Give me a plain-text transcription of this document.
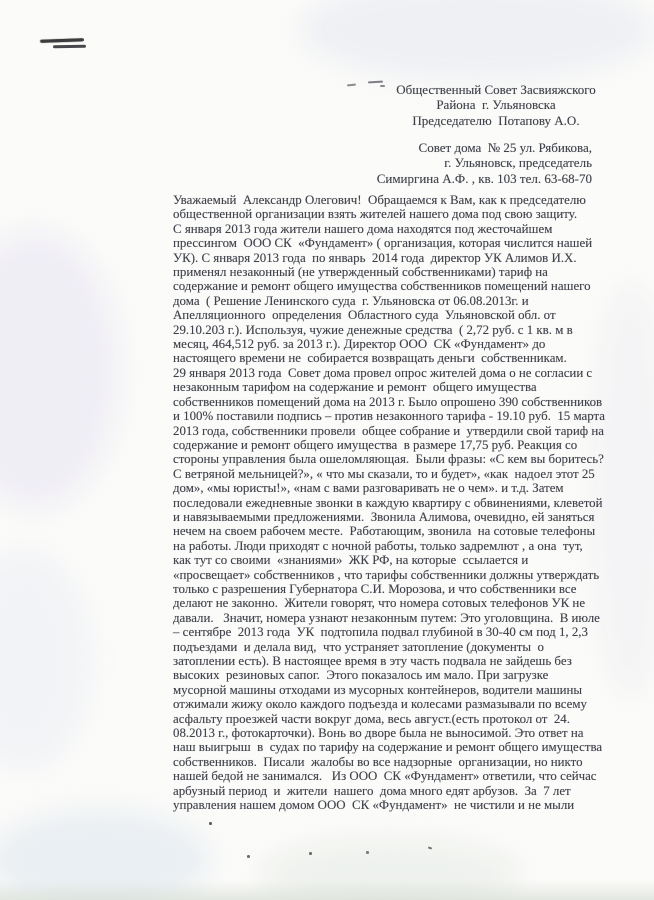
Общественный Совет Засвияжского
Района  г. Ульяновска
Председателю  Потапову А.О.
Совет дома  № 25 ул. Рябикова,
г. Ульяновск, председатель
Симиргина А.Ф. , кв. 103 тел. 63-68-70
Уважаемый  Александр Олегович!  Обращаемся к Вам, как к председателю
общественной организации взять жителей нашего дома под свою защиту.
С января 2013 года жители нашего дома находятся под жесточайшем
прессингом  ООО СК  «Фундамент» ( организация, которая числится нашей
УК). С января 2013 года  по январь  2014 года  директор УК Алимов И.Х.
применял незаконный (не утвержденный собственниками) тариф на
содержание и ремонт общего имущества собственников помещений нашего
дома  ( Решение Ленинского суда  г. Ульяновска от 06.08.2013г. и
Апелляционного  определения  Областного суда  Ульяновской обл. от
29.10.203 г.). Используя, чужие денежные средства  ( 2,72 руб. с 1 кв. м в
месяц, 464,512 руб. за 2013 г.). Директор ООО  СК «Фундамент» до
настоящего времени не  собирается возвращать деньги  собственникам.
29 января 2013 года  Совет дома провел опрос жителей дома о не согласии с
незаконным тарифом на содержание и ремонт  общего имущества
собственников помещений дома на 2013 г. Было опрошено 390 собственников
и 100% поставили подпись – против незаконного тарифа - 19.10 руб.  15 марта
2013 года, собственники провели  общее собрание и  утвердили свой тариф на
содержание и ремонт общего имущества  в размере 17,75 руб. Реакция со
стороны управления была ошеломляющая.  Были фразы: «С кем вы боритесь?
С ветряной мельницей?», « что мы сказали, то и будет», «как  надоел этот 25
дом», «мы юристы!», «нам с вами разговаривать не о чем». и т.д. Затем
последовали ежедневные звонки в каждую квартиру с обвинениями, клеветой
и навязываемыми предложениями.  Звонила Алимова, очевидно, ей заняться
нечем на своем рабочем месте.  Работающим, звонила  на сотовые телефоны
на работы. Люди приходят с ночной работы, только задремлют , а она  тут,
как тут со своими  «знаниями»  ЖК РФ, на которые  ссылается и
«просвещает» собственников , что тарифы собственники должны утверждать
только с разрешения Губернатора С.И. Морозова, и что собственники все
делают не законно.  Жители говорят, что номера сотовых телефонов УК не
давали.   Значит, номера узнают незаконным путем: Это уголовщина.  В июле
– сентябре  2013 года  УК  подтопила подвал глубиной в 30-40 см под 1, 2,3
подъездами  и делала вид,  что устраняет затопление (документы  о
затоплении есть). В настоящее время в эту часть подвала не зайдешь без
высоких  резиновых сапог.  Этого показалось им мало. При загрузке
мусорной машины отходами из мусорных контейнеров, водители машины
отжимали жижу около каждого подъезда и колесами размазывали по всему
асфальту проезжей части вокруг дома, весь август.(есть протокол от  24.
08.2013 г., фотокарточки). Вонь во дворе была не выносимой. Это ответ на
наш выигрыш  в  судах по тарифу на содержание и ремонт общего имущества
собственников.  Писали  жалобы во все надзорные  организации, но никто
нашей бедой не занимался.   Из ООО  СК «Фундамент» ответили, что сейчас
арбузный период  и  жители  нашего  дома много едят арбузов.  За  7 лет
управления нашем домом ООО  СК «Фундамент»  не чистили и не мыли
